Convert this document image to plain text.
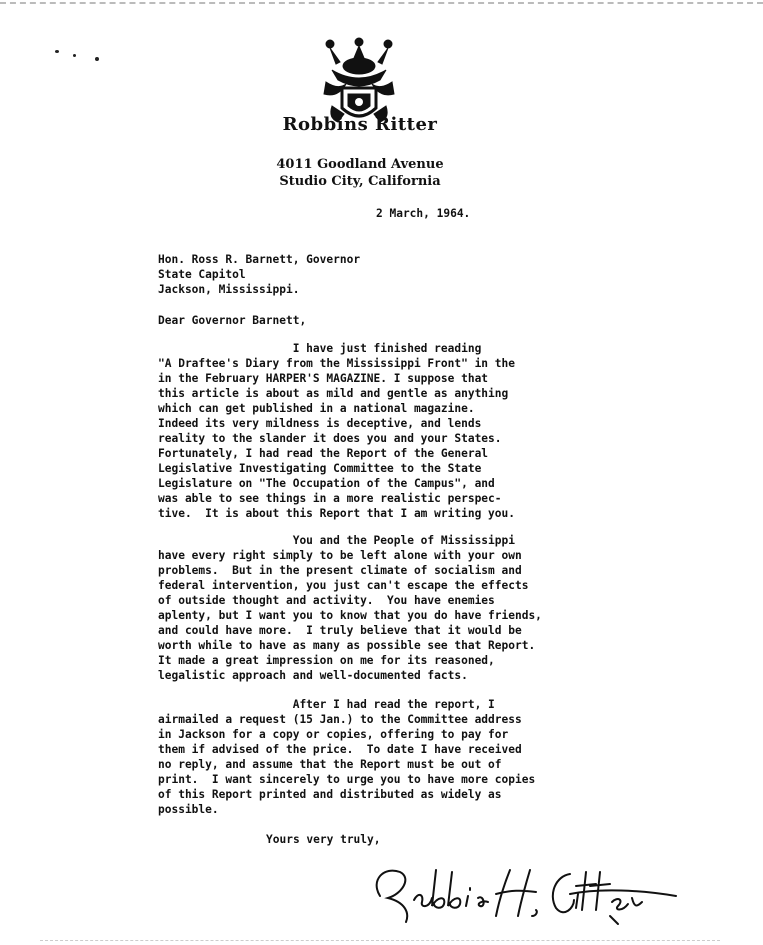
Robbins Ritter
4011 Goodland Avenue
Studio City, California
2 March, 1964.
Hon. Ross R. Barnett, Governor
State Capitol
Jackson, Mississippi.
Dear Governor Barnett,
I have just finished reading
"A Draftee's Diary from the Mississippi Front" in the
in the February HARPER'S MAGAZINE. I suppose that
this article is about as mild and gentle as anything
which can get published in a national magazine.
Indeed its very mildness is deceptive, and lends
reality to the slander it does you and your States.
Fortunately, I had read the Report of the General
Legislative Investigating Committee to the State
Legislature on "The Occupation of the Campus", and
was able to see things in a more realistic perspec-
tive.  It is about this Report that I am writing you.
You and the People of Mississippi
have every right simply to be left alone with your own
problems.  But in the present climate of socialism and
federal intervention, you just can't escape the effects
of outside thought and activity.  You have enemies
aplenty, but I want you to know that you do have friends,
and could have more.  I truly believe that it would be
worth while to have as many as possible see that Report.
It made a great impression on me for its reasoned,
legalistic approach and well-documented facts.
After I had read the report, I
airmailed a request (15 Jan.) to the Committee address
in Jackson for a copy or copies, offering to pay for
them if advised of the price.  To date I have received
no reply, and assume that the Report must be out of
print.  I want sincerely to urge you to have more copies
of this Report printed and distributed as widely as
possible.
Yours very truly,
